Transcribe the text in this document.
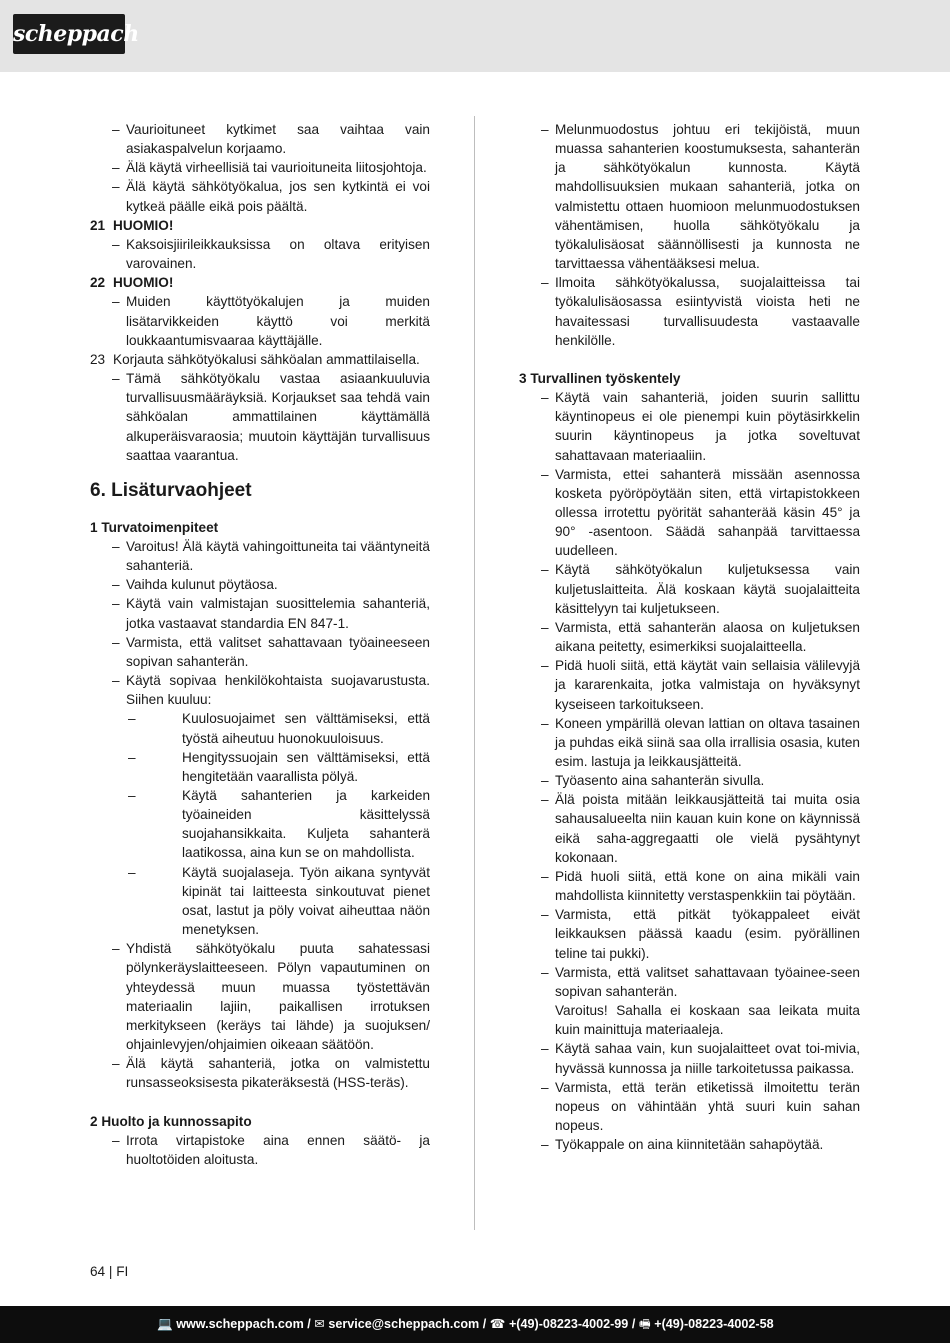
scheppach
– Vaurioituneet kytkimet saa vaihtaa vain asiakaspalvelun korjaamo.
– Älä käytä virheellisiä tai vaurioituneita liitosjohtoja.
– Älä käytä sähkötyökalua, jos sen kytkintä ei voi kytkeä päälle eikä pois päältä.
21 HUOMIO!
– Kaksoisjiirileikkauksissa on oltava erityisen varovainen.
22 HUOMIO!
– Muiden käyttötyökalujen ja muiden lisätarvikkeiden käyttö voi merkitä loukkaantumisvaaraa käyttäjälle.
23 Korjauta sähkötyökalusi sähköalan ammattilaisella.
– Tämä sähkötyökalu vastaa asiaankuuluvia turvallisuusmääräyksiä. Korjaukset saa tehdä vain sähköalan ammattilainen käyttämällä alkuperäisvaraosia; muutoin käyttäjän turvallisuus saattaa vaarantua.
6. Lisäturvaohjeet
1 Turvatoimenpiteet
– Varoitus! Älä käytä vahingoittuneita tai vääntyneitä sahanteriä.
– Vaihda kulunut pöytäosa.
– Käytä vain valmistajan suosittelemia sahanteriä, jotka vastaavat standardia EN 847-1.
– Varmista, että valitset sahattavaan työaineeseen sopivan sahanterän.
– Käytä sopivaa henkilökohtaista suojavarustusta. Siihen kuuluu:
–	Kuulosuojaimet sen välttämiseksi, että työstä aiheutuu huonokuuloisuus.
–	Hengityssuojain sen välttämiseksi, että hengitetään vaarallista pölyä.
–	Käytä sahanterien ja karkeiden työaineiden käsittelyssä suojahansikkaita. Kuljeta sahanterä laatikossa, aina kun se on mahdollista.
–	Käytä suojalaseja. Työn aikana syntyvät kipinät tai laitteesta sinkoutuvat pienet osat, lastut ja pöly voivat aiheuttaa näön menetyksen.
– Yhdistä sähkötyökalu puuta sahatessasi pölynkeräyslaitteeseen. Pölyn vapautuminen on yhteydessä muun muassa työstettävän materiaalin lajiin, paikallisen irrotuksen merkitykseen (keräys tai lähde) ja suojuksen/ ohjainlevyjen/ohjaimien oikeaan säätöön.
– Älä käytä sahanteriä, jotka on valmistettu runsasseoksisesta pikateräksestä (HSS-teräs).
2 Huolto ja kunnossapito
– Irrota virtapistoke aina ennen säätö- ja huoltotöiden aloitusta.
– Melunmuodostus johtuu eri tekijöistä, muun muassa sahanterien koostumuksesta, sahanterän ja sähkötyökalun kunnosta. Käytä mahdollisuuksien mukaan sahanteriä, jotka on valmistettu ottaen huomioon melunmuodostuksen vähentämisen, huolla sähkötyökalu ja työkalulisäosat säännöllisesti ja kunnosta ne tarvittaessa vähentääksesi melua.
– Ilmoita sähkötyökalussa, suojalaitteissa tai työkalulisäosassa esiintyvistä vioista heti ne havaitessasi turvallisuudesta vastaavalle henkilölle.
3 Turvallinen työskentely
– Käytä vain sahanteriä, joiden suurin sallittu käyntinopeus ei ole pienempi kuin pöytäsirkkelin suurin käyntinopeus ja jotka soveltuvat sahattavaan materiaaliin.
– Varmista, ettei sahanterä missään asennossa kosketa pyöröpöytään siten, että virtapistokkeen ollessa irrotettu pyörität sahanterää käsin 45° ja 90° -asentoon. Säädä sahanpää tarvittaessa uudelleen.
– Käytä sähkötyökalun kuljetuksessa vain kuljetuslaitteita. Älä koskaan käytä suojalaitteita käsittelyyn tai kuljetukseen.
– Varmista, että sahanterän alaosa on kuljetuksen aikana peitetty, esimerkiksi suojalaitteella.
– Pidä huoli siitä, että käytät vain sellaisia välilevyjä ja kararenkaita, jotka valmistaja on hyväksynyt kyseiseen tarkoitukseen.
– Koneen ympärillä olevan lattian on oltava tasainen ja puhdas eikä siinä saa olla irrallisia osasia, kuten esim. lastuja ja leikkausjätteitä.
– Työasento aina sahanterän sivulla.
– Älä poista mitään leikkausjätteitä tai muita osia sahausalueelta niin kauan kuin kone on käynnissä eikä saha-aggregaatti ole vielä pysähtynyt kokonaan.
– Pidä huoli siitä, että kone on aina mikäli vain mahdollista kiinnitetty verstaspenkkiin tai pöytään.
– Varmista, että pitkät työkappaleet eivät leikkauksen päässä kaadu (esim. pyörällinen teline tai pukki).
– Varmista, että valitset sahattavaan työainee-seen sopivan sahanterän.
Varoitus! Sahalla ei koskaan saa leikata muita kuin mainittuja materiaaleja.
– Käytä sahaa vain, kun suojalaitteet ovat toi-mivia, hyvässä kunnossa ja niille tarkoitetussa paikassa.
– Varmista, että terän etiketissä ilmoitettu terän nopeus on vähintään yhtä suuri kuin sahan nopeus.
– Työkappale on aina kiinnitetään sahapöytää.
64 | FI
💻 www.scheppach.com / ✉ service@scheppach.com / ☎ +(49)-08223-4002-99 / 🖷 +(49)-08223-4002-58
